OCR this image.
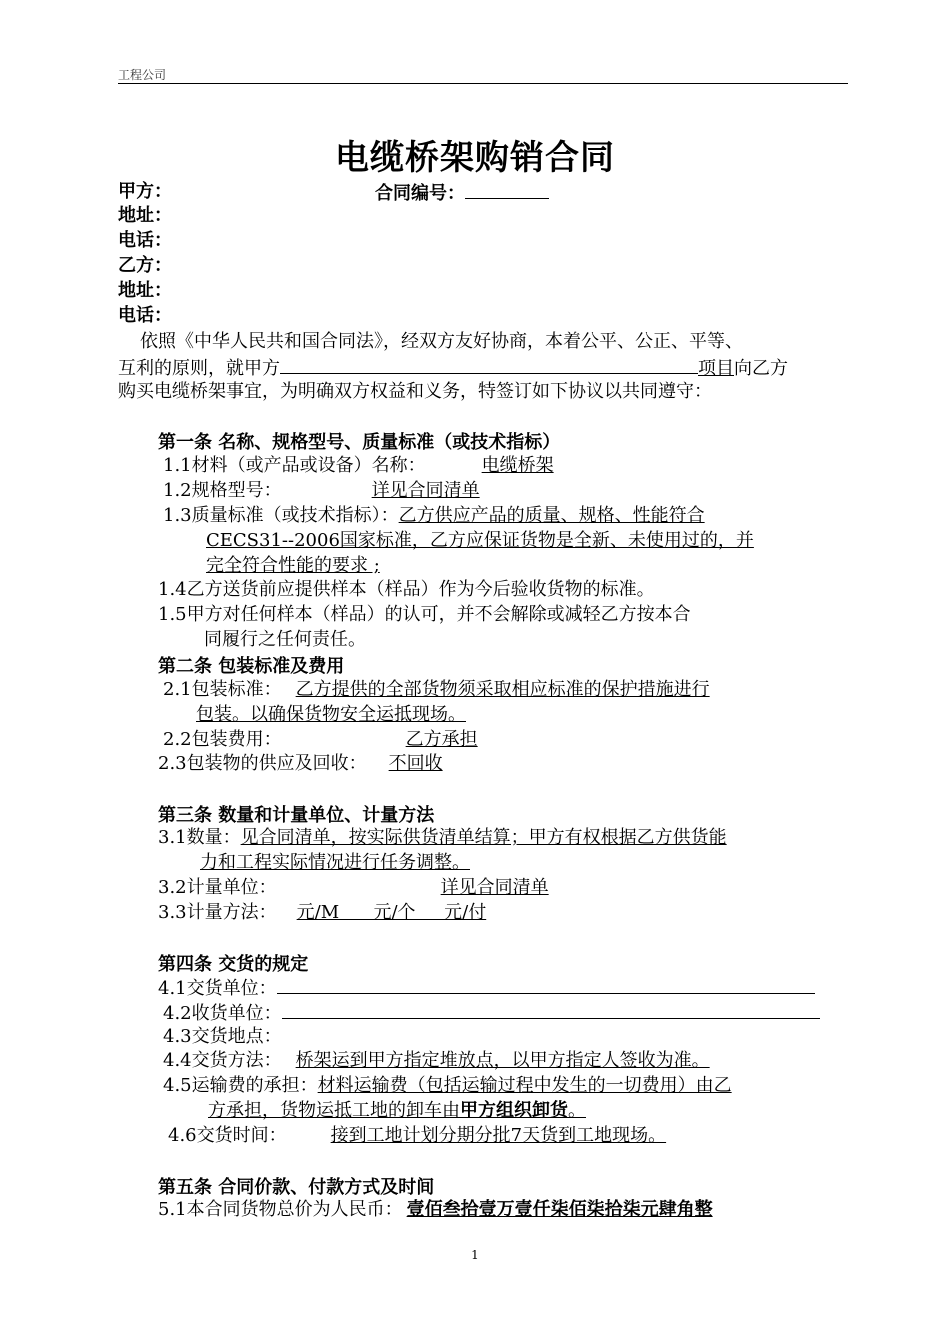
工程公司
电缆桥架购销合同
甲方：	合同编号：
地址：
电话：
乙方：
地址：
电话：
依照《中华人民共和国合同法》，经双方友好协商，本着公平、公正、平等、
互利的原则，就甲方	项目向乙方
购买电缆桥架事宜，为明确双方权益和义务，特签订如下协议以共同遵守：
第一条 名称、规格型号、质量标准（或技术指标）
1.1材料（或产品或设备）名称：	电缆桥架
1.2规格型号：	详见合同清单
1.3质量标准（或技术指标）：乙方供应产品的质量、规格、性能符合
CECS31--2006国家标准，乙方应保证货物是全新、未使用过的，并
完全符合性能的要求 ;
1.4乙方送货前应提供样本（样品）作为今后验收货物的标准。
1.5甲方对任何样本（样品）的认可，并不会解除或减轻乙方按本合
同履行之任何责任。
第二条 包装标准及费用
2.1包装标准： 乙方提供的全部货物须采取相应标准的保护措施进行
包装。以确保货物安全运抵现场。
2.2包装费用：	乙方承担
2.3包装物的供应及回收： 不回收
第三条 数量和计量单位、计量方法
3.1数量：见合同清单，按实际供货清单结算；甲方有权根据乙方供货能
力和工程实际情况进行任务调整。
3.2计量单位：	详见合同清单
3.3计量方法： 元/M      元/个     元/付
第四条 交货的规定
4.1交货单位：
4.2收货单位：
4.3交货地点：
4.4交货方法： 桥架运到甲方指定堆放点，以甲方指定人签收为准。
4.5运输费的承担：材料运输费（包括运输过程中发生的一切费用）由乙
方承担，货物运抵工地的卸车由甲方组织卸货。
4.6交货时间： 接到工地计划分期分批7天货到工地现场。
第五条 合同价款、付款方式及时间
5.1本合同货物总价为人民币： 壹佰叁拾壹万壹仟柒佰柒拾柒元肆角整
1
